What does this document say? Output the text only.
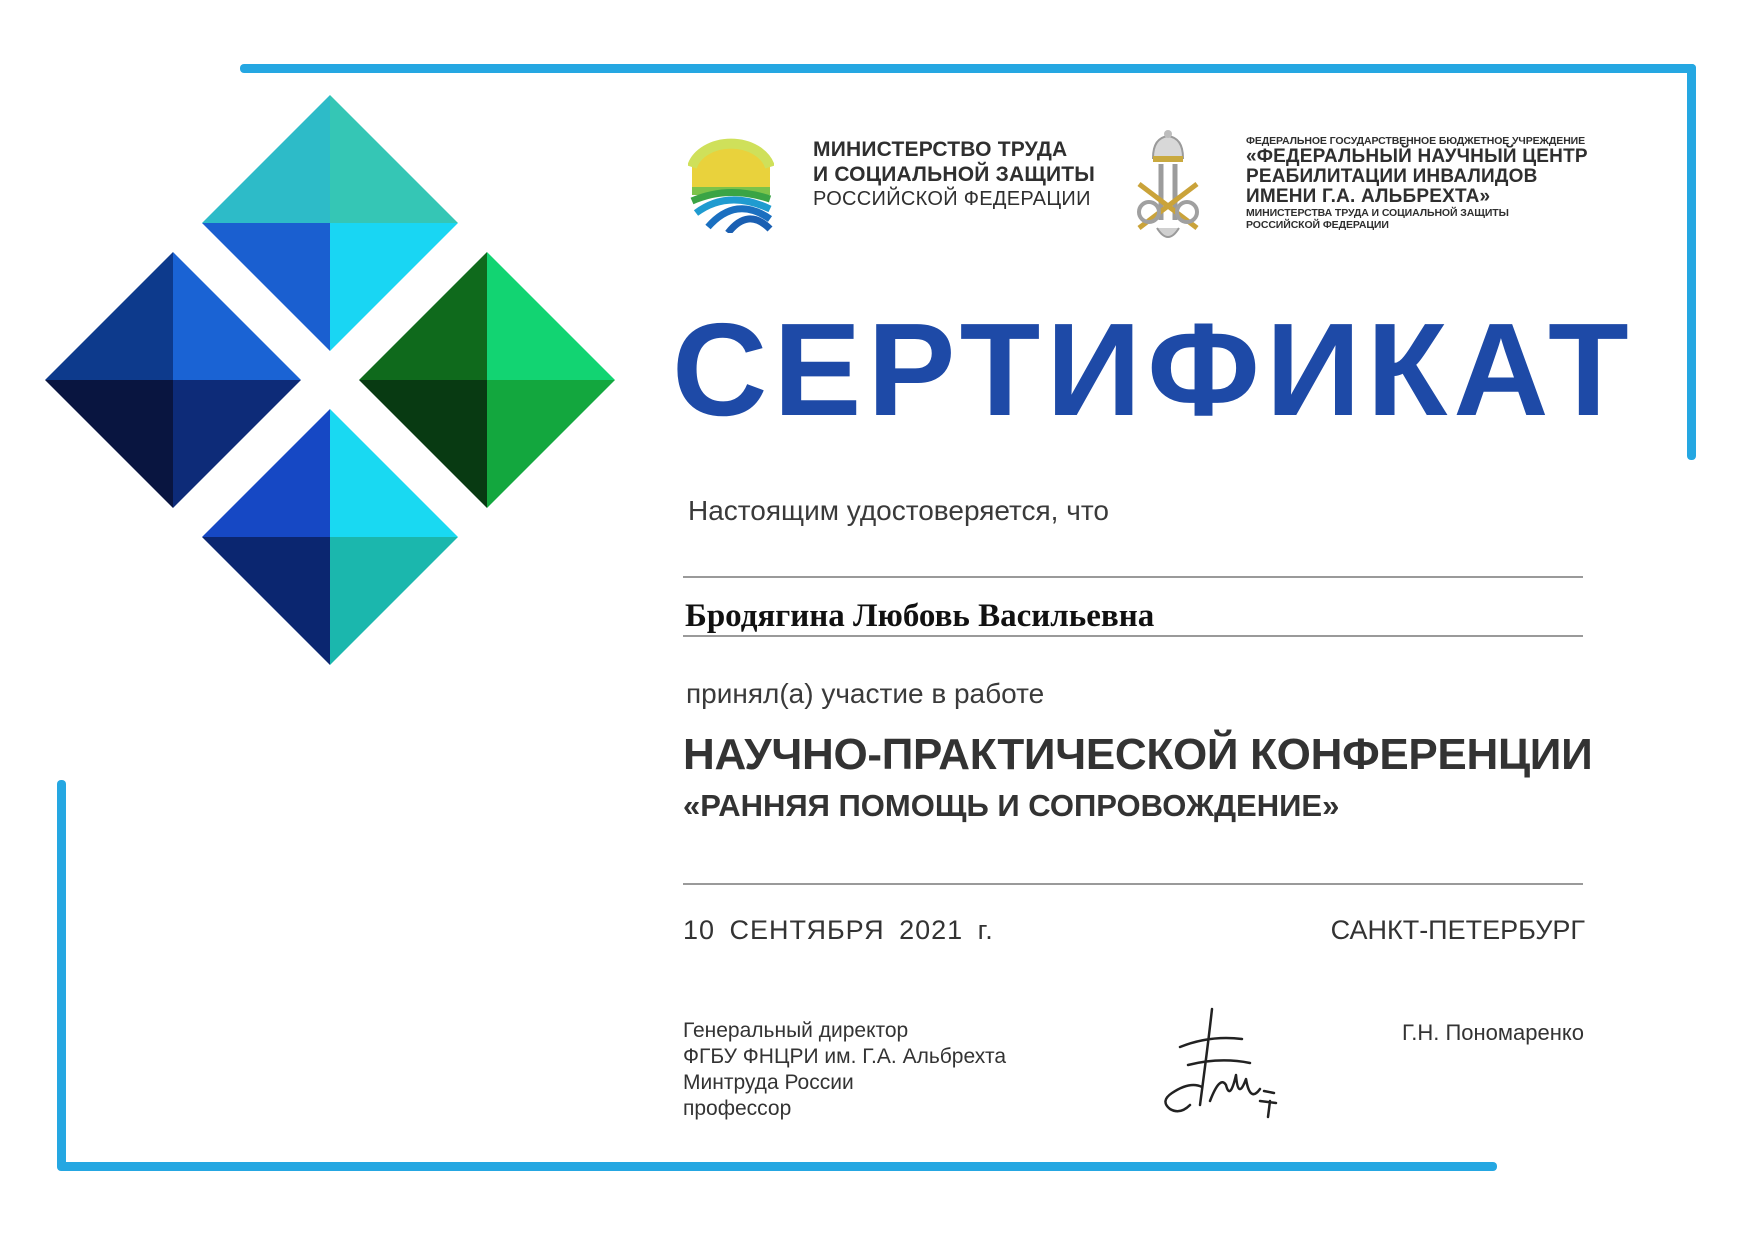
МИНИСТЕРСТВО ТРУДА
И СОЦИАЛЬНОЙ ЗАЩИТЫ
РОССИЙСКОЙ ФЕДЕРАЦИИ
ФЕДЕРАЛЬНОЕ ГОСУДАРСТВЕННОЕ БЮДЖЕТНОЕ УЧРЕЖДЕНИЕ
«ФЕДЕРАЛЬНЫЙ НАУЧНЫЙ ЦЕНТР
РЕАБИЛИТАЦИИ ИНВАЛИДОВ
ИМЕНИ Г.А. АЛЬБРЕХТА»
МИНИСТЕРСТВА ТРУДА И СОЦИАЛЬНОЙ ЗАЩИТЫ
РОССИЙСКОЙ ФЕДЕРАЦИИ
СЕРТИФИКАТ
Настоящим удостоверяется, что
Бродягина Любовь Васильевна
принял(а) участие в работе
НАУЧНО-ПРАКТИЧЕСКОЙ КОНФЕРЕНЦИИ
«РАННЯЯ ПОМОЩЬ И СОПРОВОЖДЕНИЕ»
10 СЕНТЯБРЯ 2021 г.	САНКТ-ПЕТЕРБУРГ
Генеральный директор
ФГБУ ФНЦРИ им. Г.А. Альбрехта
Минтруда России
профессор
Г.Н. Пономаренко
